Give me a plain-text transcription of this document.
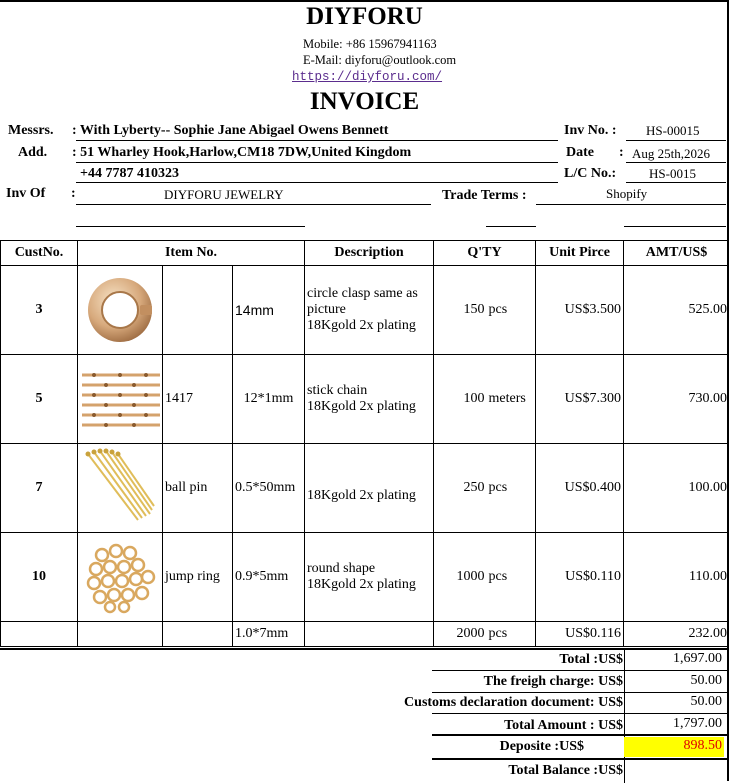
DIYFORU
Mobile: +86 15967941163
E-Mail: diyforu@outlook.com
https://diyforu.com/
INVOICE
Messrs. : With Lyberty-- Sophie Jane Abigael Owens Bennett
Add. : 51 Wharley Hook,Harlow,CM18 7DW,United Kingdom
+44 7787 410323
Inv Of :	DIYFORU JEWELRY	Trade Terms :	Shopify
Inv No. : HS-00015
Date : Aug 25th,2026
L/C No.:	HS-0015
CustNo.	Item No.			Description	Q'TY		Unit Pirce	AMT/US$
3			14mm	circle clasp same as
picture
18Kgold 2x plating	150	pcs	US$3.500	525.00
5		1417	12*1mm	stick chain
18Kgold 2x plating	100	meters	US$7.300	730.00
7		ball pin	0.5*50mm	18Kgold 2x plating	250	pcs	US$0.400	100.00
10		jump ring	0.9*5mm	round shape
18Kgold 2x plating	1000	pcs	US$0.110	110.00
			1.0*7mm		2000	pcs	US$0.116	232.00
Total :US$	1,697.00
The freigh charge: US$	50.00
Customs declaration document: US$	50.00
Total Amount : US$	1,797.00
Deposite :US$	898.50
Total Balance :US$
